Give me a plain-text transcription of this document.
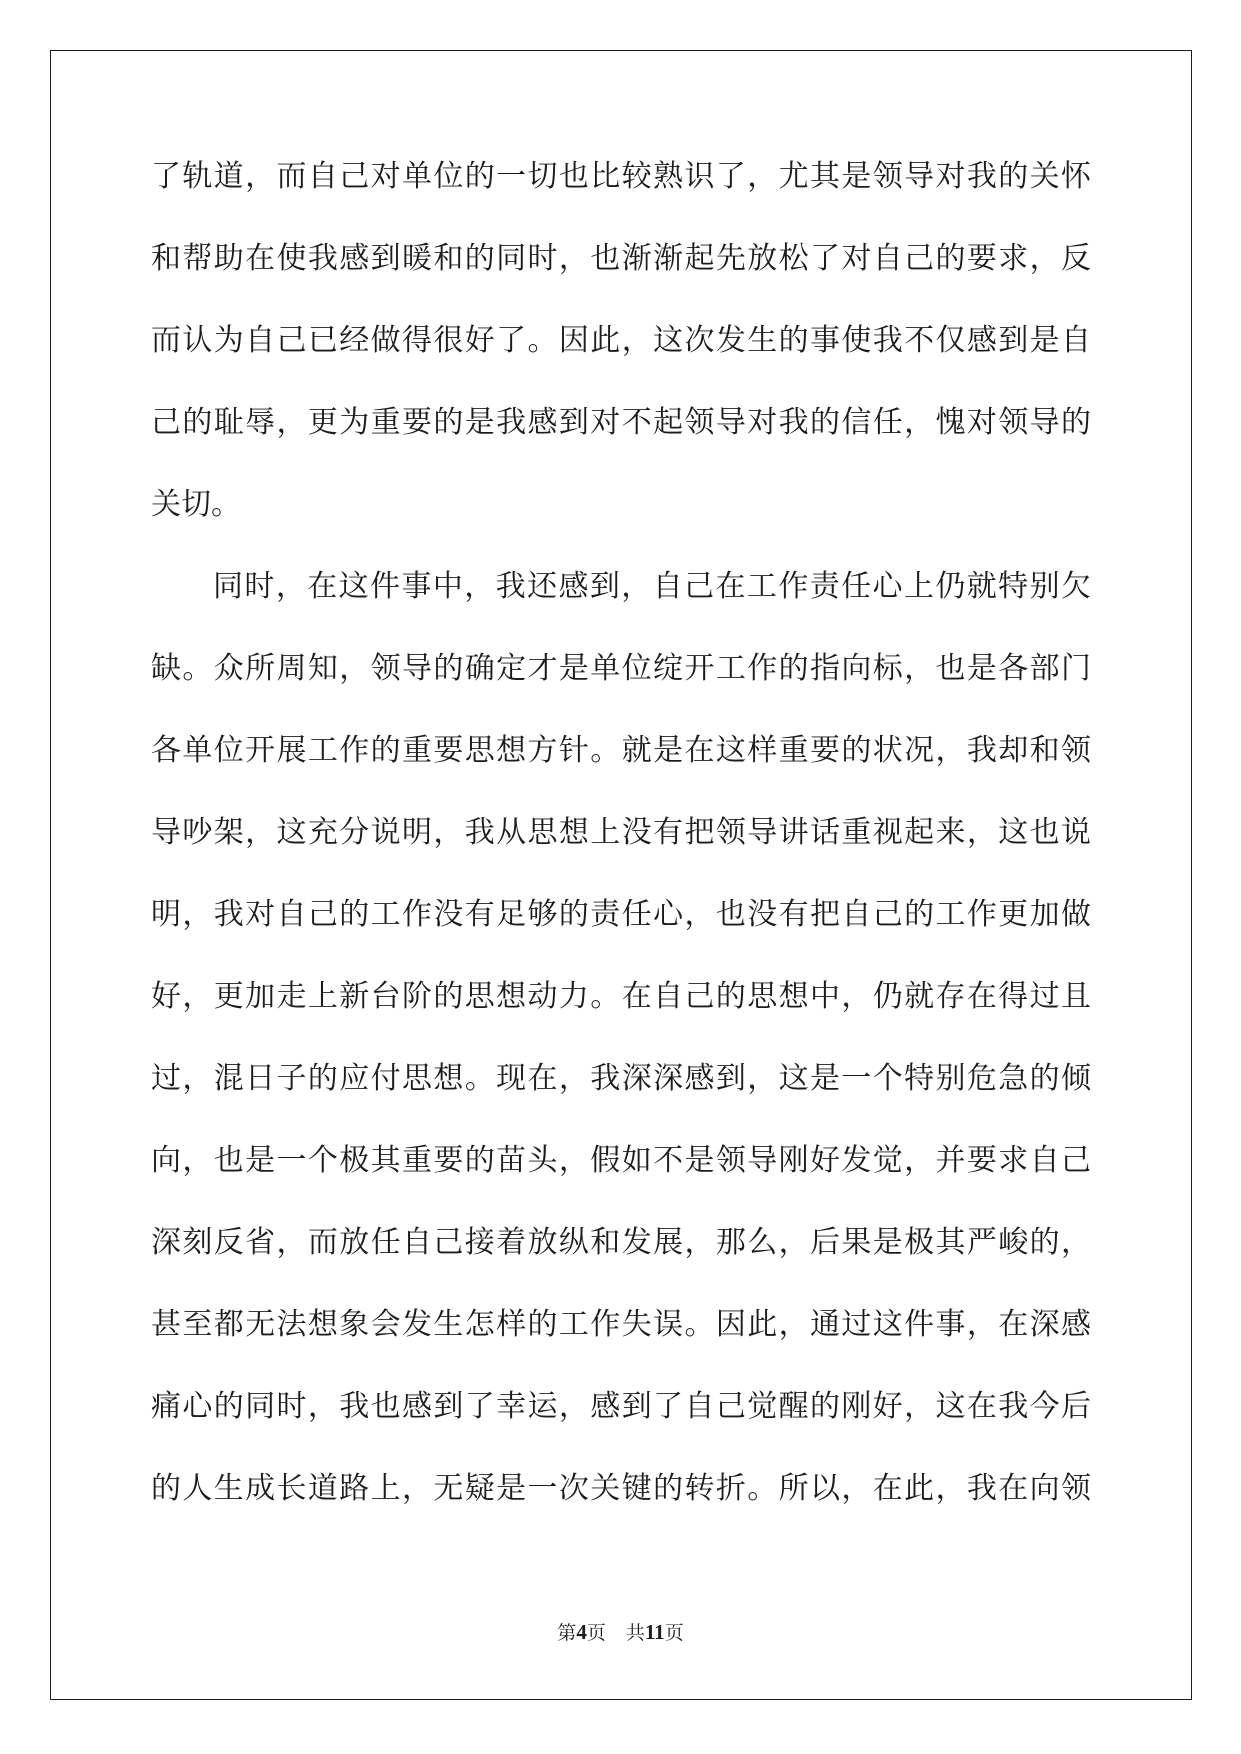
了轨道，而自己对单位的一切也比较熟识了，尤其是领导对我的关怀
和帮助在使我感到暖和的同时，也渐渐起先放松了对自己的要求，反
而认为自己已经做得很好了。因此，这次发生的事使我不仅感到是自
己的耻辱，更为重要的是我感到对不起领导对我的信任，愧对领导的
关切。
同时，在这件事中，我还感到，自己在工作责任心上仍就特别欠
缺。众所周知，领导的确定才是单位绽开工作的指向标，也是各部门
各单位开展工作的重要思想方针。就是在这样重要的状况，我却和领
导吵架，这充分说明，我从思想上没有把领导讲话重视起来，这也说
明，我对自己的工作没有足够的责任心，也没有把自己的工作更加做
好，更加走上新台阶的思想动力。在自己的思想中，仍就存在得过且
过，混日子的应付思想。现在，我深深感到，这是一个特别危急的倾
向，也是一个极其重要的苗头，假如不是领导刚好发觉，并要求自己
深刻反省，而放任自己接着放纵和发展，那么，后果是极其严峻的，
甚至都无法想象会发生怎样的工作失误。因此，通过这件事，在深感
痛心的同时，我也感到了幸运，感到了自己觉醒的刚好，这在我今后
的人生成长道路上，无疑是一次关键的转折。所以，在此，我在向领
第4页 共11页
